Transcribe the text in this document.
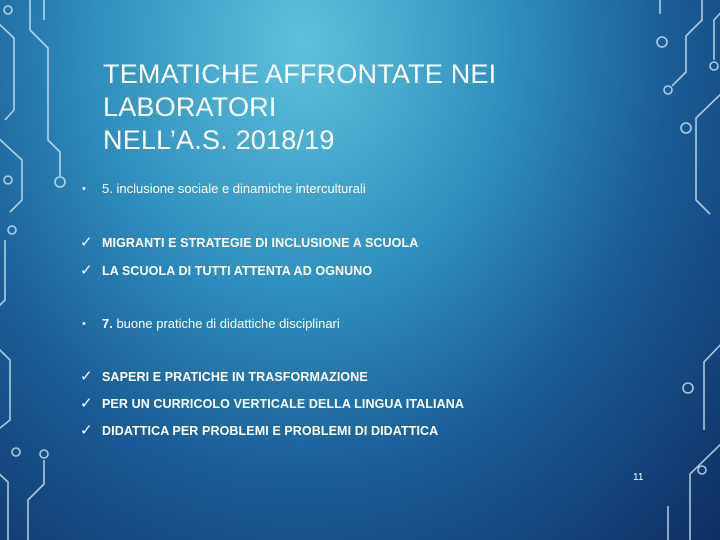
TEMATICHE AFFRONTATE NEI
LABORATORI
NELL’A.S. 2018/19
•	5. inclusione sociale e dinamiche interculturali
✓ MIGRANTI E STRATEGIE DI INCLUSIONE A SCUOLA
✓ LA SCUOLA DI TUTTI ATTENTA AD OGNUNO
•	7. buone pratiche di didattiche disciplinari
✓ SAPERI E PRATICHE IN TRASFORMAZIONE
✓ PER UN CURRICOLO VERTICALE DELLA LINGUA ITALIANA
✓ DIDATTICA PER PROBLEMI E PROBLEMI DI DIDATTICA
11
